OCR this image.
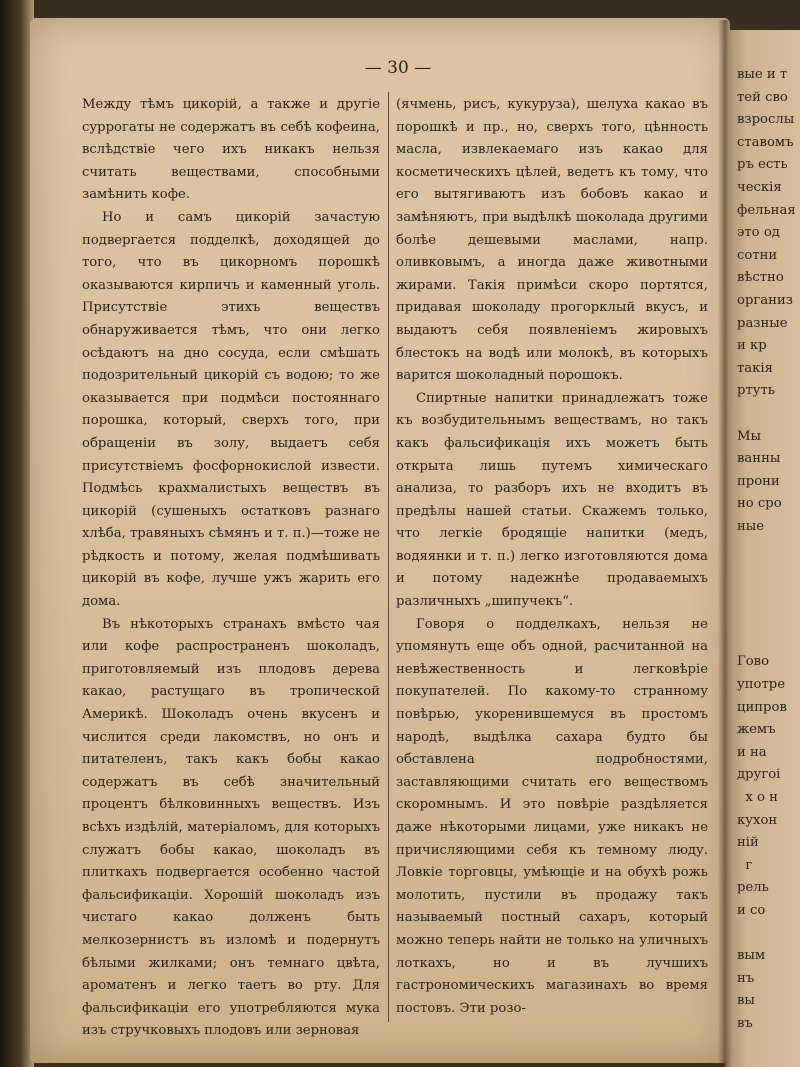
вые и т
тей сво
взрослы
ставомъ
ръ есть
ческія
фельная
это од
сотни
вѣстно
организ
разные
и кр
такія
ртуть

Мы
ванны
прони
но сро
ные

Гово
употре
ципров
жемъ
и на
другоі
х о н
кухон
ній
г
рель
и со

вым
нъ
вы
въ
— 30 —

Между тѣмъ цикорій, а также и другіе суррогаты не содержатъ въ себѣ кофеина, вслѣдствіе чего ихъ никакъ нельзя считать веществами, способными замѣнить кофе.

Но и самъ цикорій зачастую подвергается подделкѣ, доходящей до того, что въ цикорномъ порошкѣ оказываются кирпичъ и каменный уголь. Присутствіе этихъ веществъ обнаруживается тѣмъ, что они легко осѣдаютъ на дно сосуда, если смѣшать подозрительный цикорій съ водою; то же оказывается при подмѣси постояннаго порошка, который, сверхъ того, при обращеніи въ золу, выдаетъ себя присутствіемъ фосфорнокислой извести. Подмѣсь крахмалистыхъ веществъ въ цикорій (сушеныхъ остатковъ разнаго хлѣба, травяныхъ сѣмянъ и т. п.)—тоже не рѣдкость и потому, желая подмѣшивать цикорій въ кофе, лучше ужъ жарить его дома.

Въ нѣкоторыхъ странахъ вмѣсто чая или кофе распространенъ шоколадъ, приготовляемый изъ плодовъ дерева какао, растущаго въ тропической Америкѣ. Шоколадъ очень вкусенъ и числится среди лакомствъ, но онъ и питателенъ, такъ какъ бобы какао содержатъ въ себѣ значительный процентъ бѣлковинныхъ веществъ. Изъ всѣхъ издѣлій, матеріаломъ, для которыхъ служатъ бобы какао, шоколадъ въ плиткахъ подвергается особенно частой фальсификаціи. Хорошій шоколадъ изъ чистаго какао долженъ быть мелкозернистъ въ изломѣ и подернутъ бѣлыми жилками; онъ темнаго цвѣта, ароматенъ и легко таетъ во рту. Для фальсификаціи его употребляются мука изъ стручковыхъ плодовъ или зерновая

(ячмень, рисъ, кукуруза), шелуха какао въ порошкѣ и пр., но, сверхъ того, цѣнность масла, извлекаемаго изъ какао для косметическихъ цѣлей, ведетъ къ тому, что его вытягиваютъ изъ бобовъ какао и замѣняютъ, при выдѣлкѣ шоколада другими болѣе дешевыми маслами, напр. оливковымъ, а иногда даже животными жирами. Такія примѣси скоро портятся, придавая шоколаду прогорклый вкусъ, и выдаютъ себя появленіемъ жировыхъ блестокъ на водѣ или молокѣ, въ которыхъ варится шоколадный порошокъ.

Спиртные напитки принадлежатъ тоже къ возбудительнымъ веществамъ, но такъ какъ фальсификація ихъ можетъ быть открыта лишь путемъ химическаго анализа, то разборъ ихъ не входитъ въ предѣлы нашей статьи. Скажемъ только, что легкіе бродящіе напитки (медъ, водяянки и т. п.) легко изготовляются дома и потому надежнѣе продаваемыхъ различныхъ „шипучекъ“.

Говоря о подделкахъ, нельзя не упомянуть еще объ одной, расчитанной на невѣжественность и легковѣріе покупателей. По какому-то странному повѣрью, укоренившемуся въ простомъ народѣ, выдѣлка сахара будто бы обставлена подробностями, заставляющими считать его веществомъ скоромнымъ. И это повѣріе раздѣляется даже нѣкоторыми лицами, уже никакъ не причисляющими себя къ темному люду. Ловкіе торговцы, умѣющіе и на обухѣ рожь молотить, пустили въ продажу такъ называемый постный сахаръ, который можно теперь найти не только на уличныхъ лоткахъ, но и въ лучшихъ гастрономическихъ магазинахъ во время постовъ. Эти розо-
